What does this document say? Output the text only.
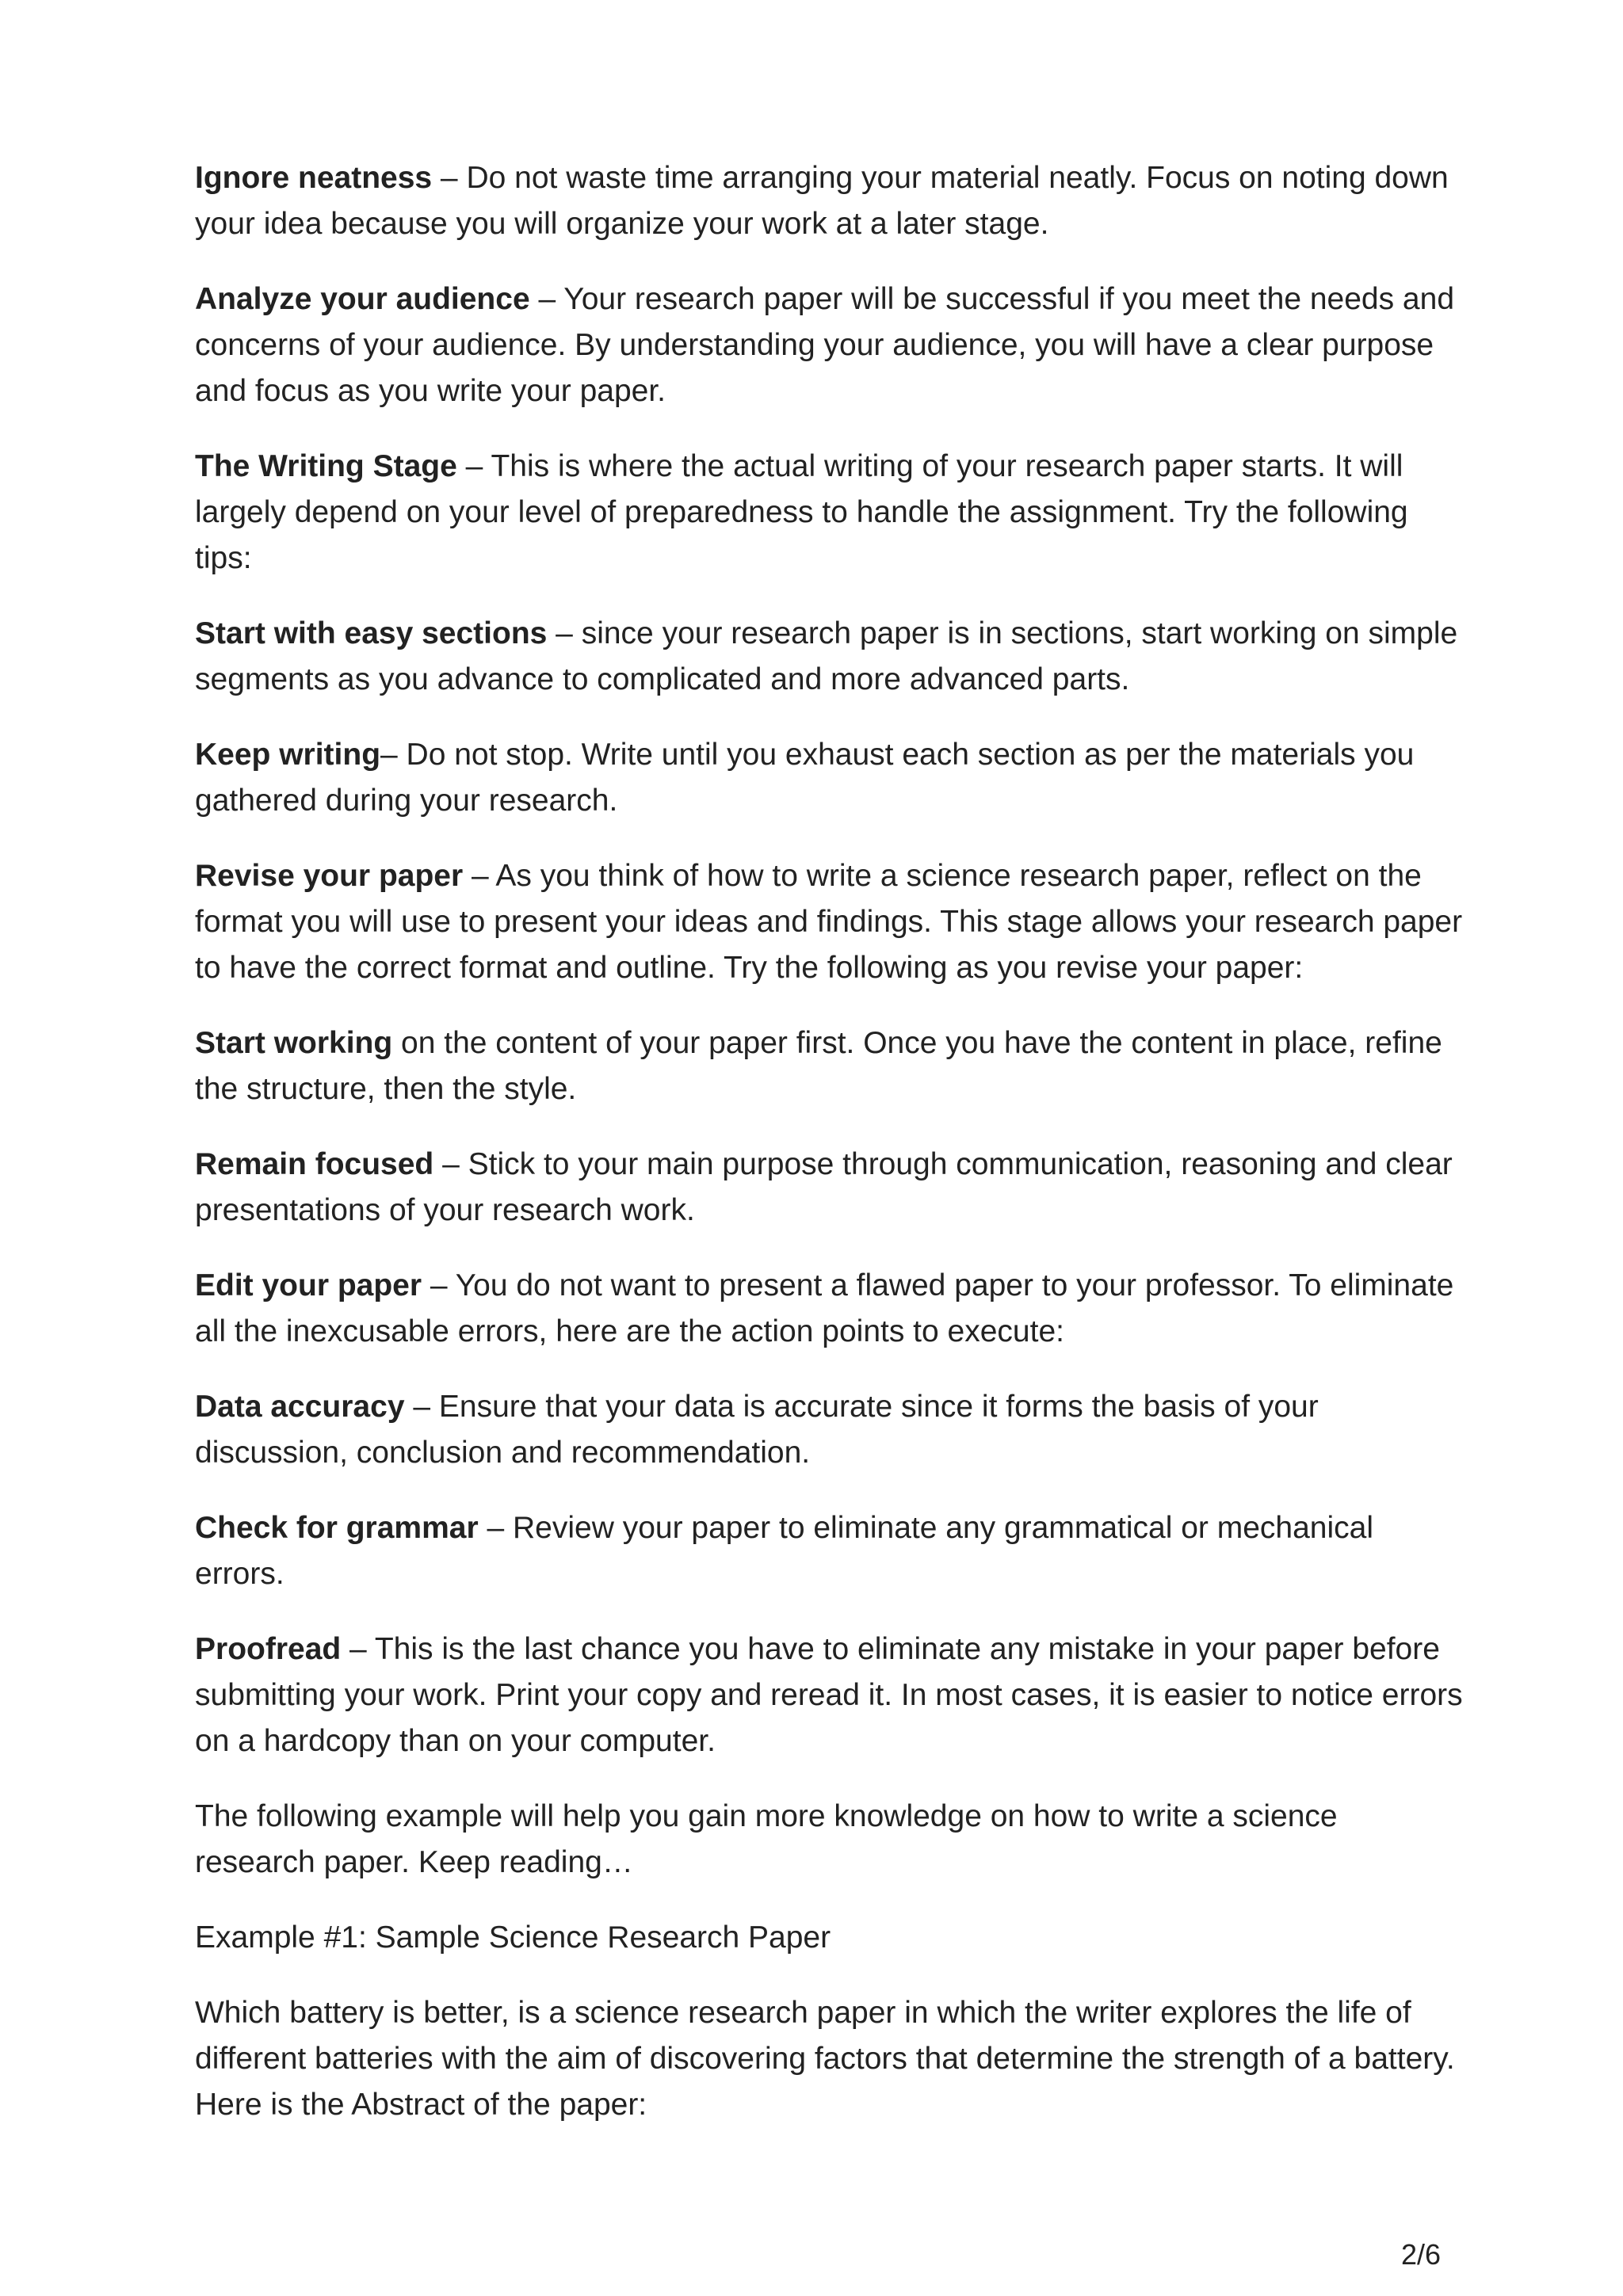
Ignore neatness – Do not waste time arranging your material neatly. Focus on noting down your idea because you will organize your work at a later stage.

Analyze your audience – Your research paper will be successful if you meet the needs and concerns of your audience. By understanding your audience, you will have a clear purpose and focus as you write your paper.

The Writing Stage – This is where the actual writing of your research paper starts. It will largely depend on your level of preparedness to handle the assignment. Try the following tips:

Start with easy sections – since your research paper is in sections, start working on simple segments as you advance to complicated and more advanced parts.

Keep writing– Do not stop. Write until you exhaust each section as per the materials you gathered during your research.

Revise your paper – As you think of how to write a science research paper, reflect on the format you will use to present your ideas and findings. This stage allows your research paper to have the correct format and outline. Try the following as you revise your paper:

Start working on the content of your paper first. Once you have the content in place, refine the structure, then the style.

Remain focused – Stick to your main purpose through communication, reasoning and clear presentations of your research work.

Edit your paper – You do not want to present a flawed paper to your professor. To eliminate all the inexcusable errors, here are the action points to execute:

Data accuracy – Ensure that your data is accurate since it forms the basis of your discussion, conclusion and recommendation.

Check for grammar – Review your paper to eliminate any grammatical or mechanical errors.

Proofread – This is the last chance you have to eliminate any mistake in your paper before submitting your work. Print your copy and reread it. In most cases, it is easier to notice errors on a hardcopy than on your computer.

The following example will help you gain more knowledge on how to write a science research paper. Keep reading…

Example #1: Sample Science Research Paper

Which battery is better, is a science research paper in which the writer explores the life of different batteries with the aim of discovering factors that determine the strength of a battery. Here is the Abstract of the paper:

2/6
